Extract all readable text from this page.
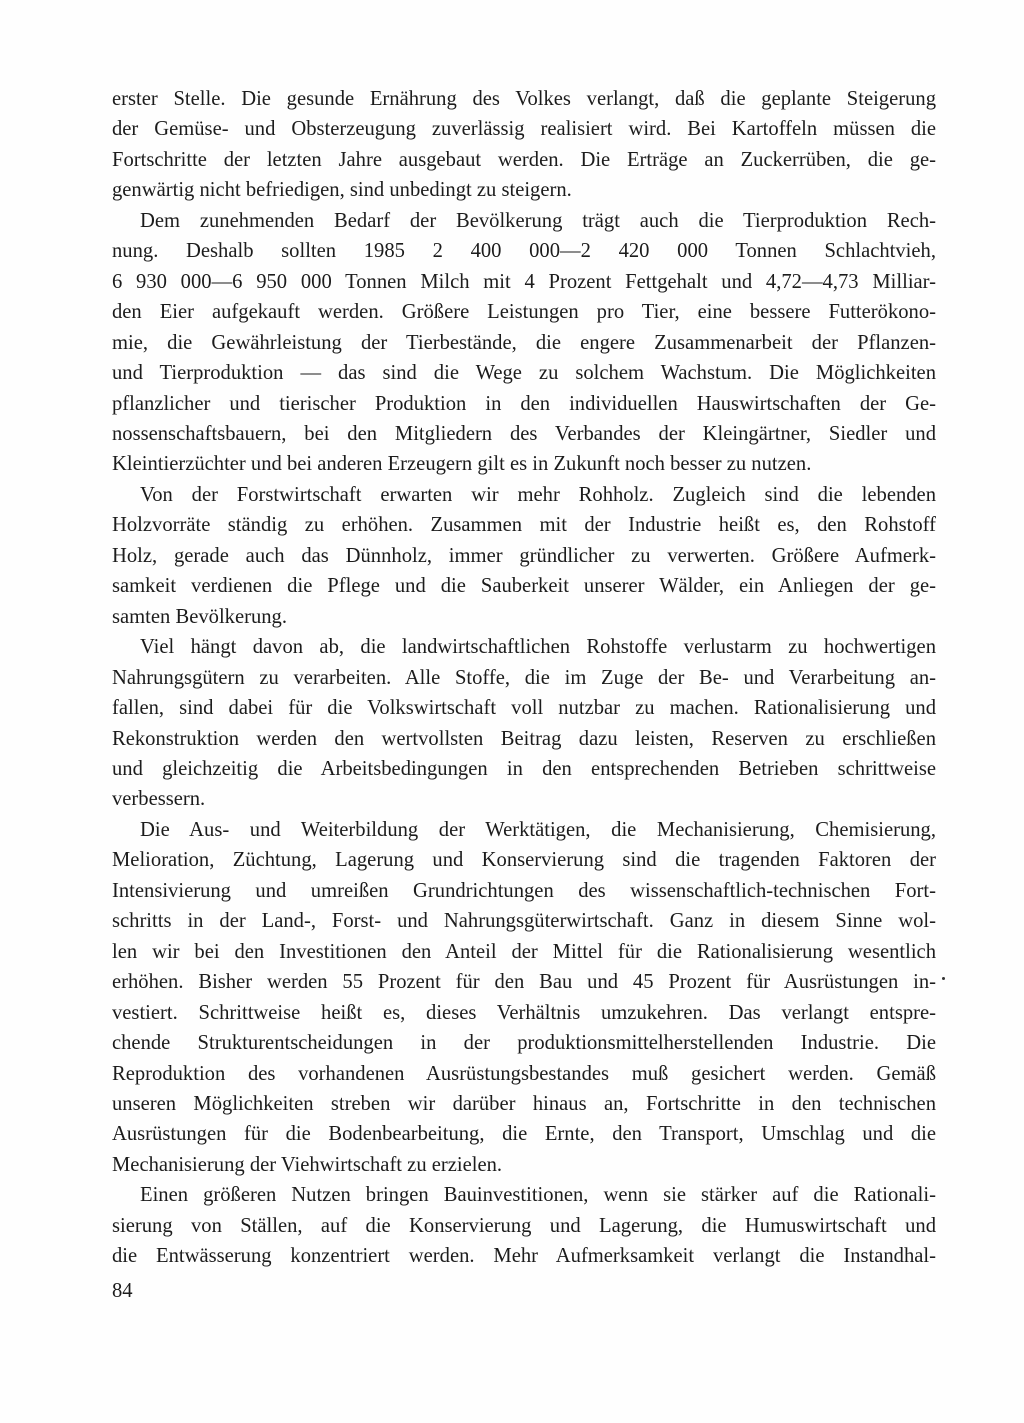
erster Stelle. Die gesunde Ernährung des Volkes verlangt, daß die geplante Steigerung
der Gemüse- und Obsterzeugung zuverlässig realisiert wird. Bei Kartoffeln müssen die
Fortschritte der letzten Jahre ausgebaut werden. Die Erträge an Zuckerrüben, die ge-
genwärtig nicht befriedigen, sind unbedingt zu steigern.
Dem zunehmenden Bedarf der Bevölkerung trägt auch die Tierproduktion Rech-
nung. Deshalb sollten 1985 2 400 000—2 420 000 Tonnen Schlachtvieh,
6 930 000—6 950 000 Tonnen Milch mit 4 Prozent Fettgehalt und 4,72—4,73 Milliar-
den Eier aufgekauft werden. Größere Leistungen pro Tier, eine bessere Futterökono-
mie, die Gewährleistung der Tierbestände, die engere Zusammenarbeit der Pflanzen-
und Tierproduktion — das sind die Wege zu solchem Wachstum. Die Möglichkeiten
pflanzlicher und tierischer Produktion in den individuellen Hauswirtschaften der Ge-
nossenschaftsbauern, bei den Mitgliedern des Verbandes der Kleingärtner, Siedler und
Kleintierzüchter und bei anderen Erzeugern gilt es in Zukunft noch besser zu nutzen.
Von der Forstwirtschaft erwarten wir mehr Rohholz. Zugleich sind die lebenden
Holzvorräte ständig zu erhöhen. Zusammen mit der Industrie heißt es, den Rohstoff
Holz, gerade auch das Dünnholz, immer gründlicher zu verwerten. Größere Aufmerk-
samkeit verdienen die Pflege und die Sauberkeit unserer Wälder, ein Anliegen der ge-
samten Bevölkerung.
Viel hängt davon ab, die landwirtschaftlichen Rohstoffe verlustarm zu hochwertigen
Nahrungsgütern zu verarbeiten. Alle Stoffe, die im Zuge der Be- und Verarbeitung an-
fallen, sind dabei für die Volkswirtschaft voll nutzbar zu machen. Rationalisierung und
Rekonstruktion werden den wertvollsten Beitrag dazu leisten, Reserven zu erschließen
und gleichzeitig die Arbeitsbedingungen in den entsprechenden Betrieben schrittweise
verbessern.
Die Aus- und Weiterbildung der Werktätigen, die Mechanisierung, Chemisierung,
Melioration, Züchtung, Lagerung und Konservierung sind die tragenden Faktoren der
Intensivierung und umreißen Grundrichtungen des wissenschaftlich-technischen Fort-
schritts in der Land-, Forst- und Nahrungsgüterwirtschaft. Ganz in diesem Sinne wol-
len wir bei den Investitionen den Anteil der Mittel für die Rationalisierung wesentlich
erhöhen. Bisher werden 55 Prozent für den Bau und 45 Prozent für Ausrüstungen in-
vestiert. Schrittweise heißt es, dieses Verhältnis umzukehren. Das verlangt entspre-
chende Strukturentscheidungen in der produktionsmittelherstellenden Industrie. Die
Reproduktion des vorhandenen Ausrüstungsbestandes muß gesichert werden. Gemäß
unseren Möglichkeiten streben wir darüber hinaus an, Fortschritte in den technischen
Ausrüstungen für die Bodenbearbeitung, die Ernte, den Transport, Umschlag und die
Mechanisierung der Viehwirtschaft zu erzielen.
Einen größeren Nutzen bringen Bauinvestitionen, wenn sie stärker auf die Rationali-
sierung von Ställen, auf die Konservierung und Lagerung, die Humuswirtschaft und
die Entwässerung konzentriert werden. Mehr Aufmerksamkeit verlangt die Instandhal-
84
